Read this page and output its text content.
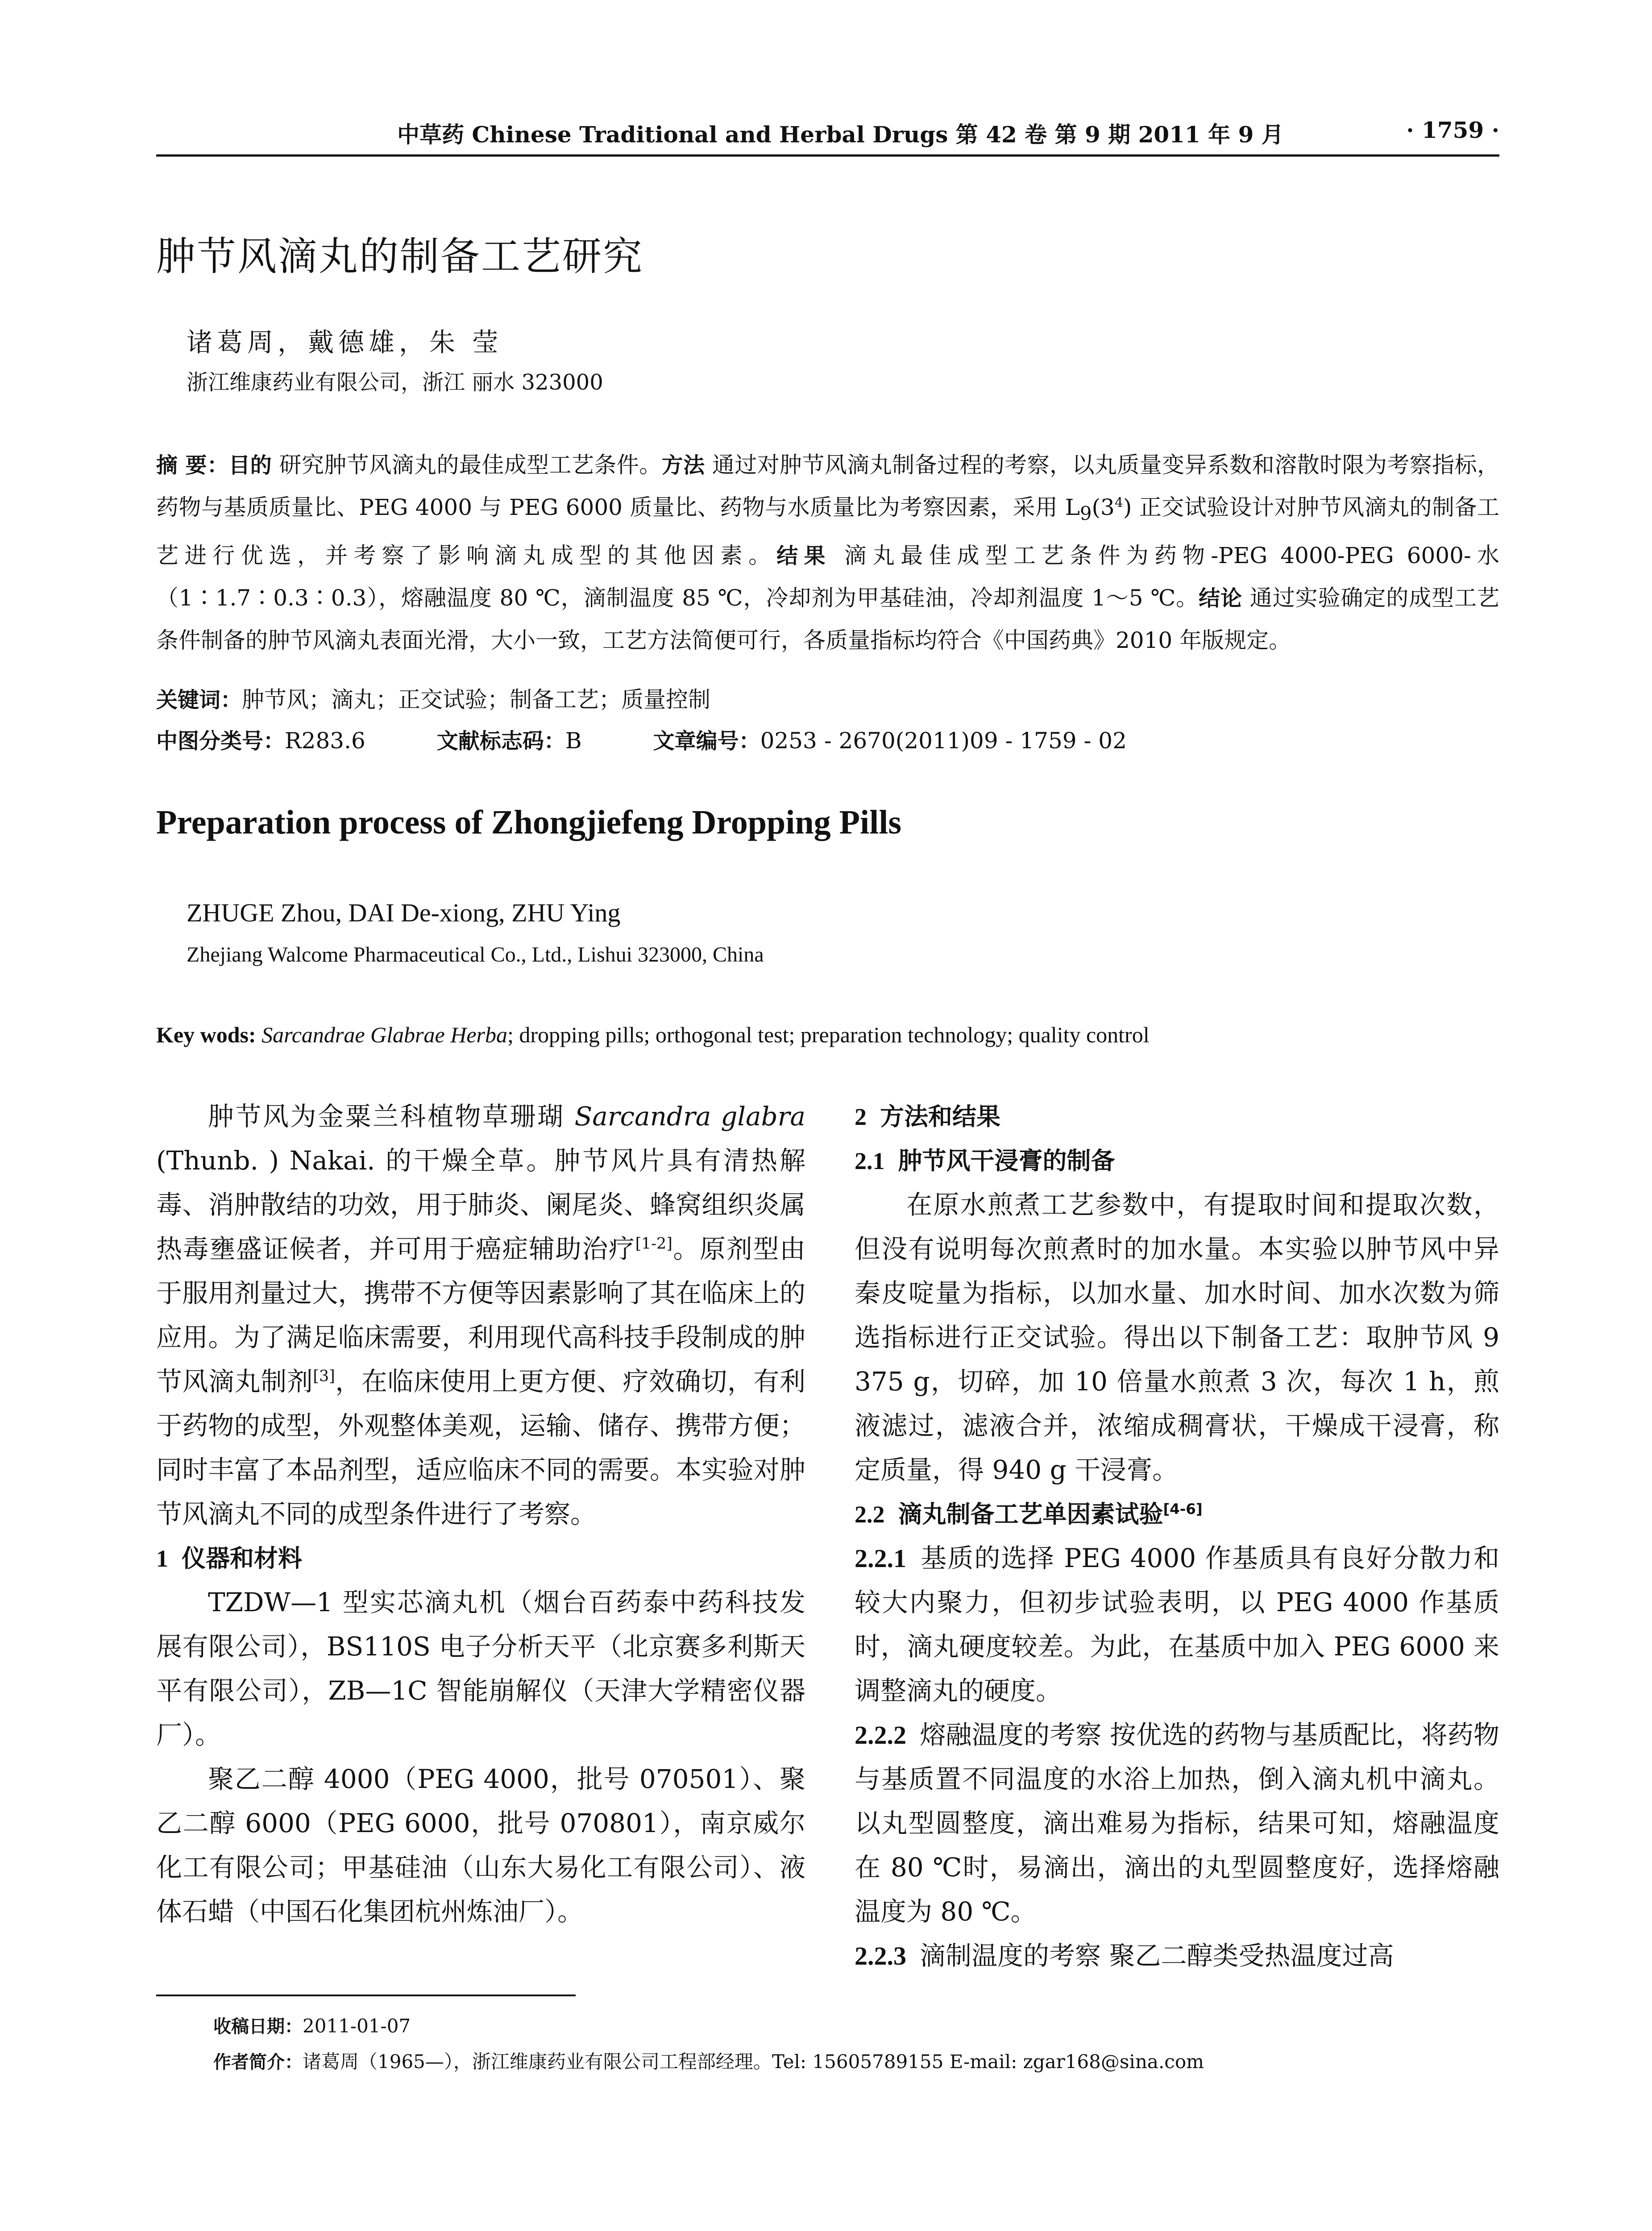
中草药 Chinese Traditional and Herbal Drugs 第 42 卷 第 9 期 2011 年 9 月	· 1759 ·
肿节风滴丸的制备工艺研究
诸葛周，戴德雄，朱 莹
浙江维康药业有限公司，浙江 丽水 323000
摘 要：目的 研究肿节风滴丸的最佳成型工艺条件。方法 通过对肿节风滴丸制备过程的考察，以丸质量变异系数和溶散时限为考察指标，药物与基质质量比、PEG 4000 与 PEG 6000 质量比、药物与水质量比为考察因素，采用 $L_9(3^4)$ 正交试验设计对肿节风滴丸的制备工艺进行优选，并考察了影响滴丸成型的其他因素。结果 滴丸最佳成型工艺条件为药物-PEG 4000-PEG 6000-水（1∶1.7∶0.3∶0.3），熔融温度 80 ℃，滴制温度 85 ℃，冷却剂为甲基硅油，冷却剂温度 1～5 ℃。结论 通过实验确定的成型工艺条件制备的肿节风滴丸表面光滑，大小一致，工艺方法简便可行，各质量指标均符合《中国药典》2010 年版规定。
关键词：肿节风；滴丸；正交试验；制备工艺；质量控制
中图分类号：R283.6	文献标志码：B	文章编号：0253 - 2670(2011)09 - 1759 - 02
Preparation process of Zhongjiefeng Dropping Pills
ZHUGE Zhou, DAI De-xiong, ZHU Ying
Zhejiang Walcome Pharmaceutical Co., Ltd., Lishui 323000, China
Key wods: Sarcandrae Glabrae Herba; dropping pills; orthogonal test; preparation technology; quality control

肿节风为金粟兰科植物草珊瑚 Sarcandra glabra (Thunb. ) Nakai. 的干燥全草。肿节风片具有清热解毒、消肿散结的功效，用于肺炎、阑尾炎、蜂窝组织炎属热毒壅盛证候者，并可用于癌症辅助治疗[1-2]。原剂型由于服用剂量过大，携带不方便等因素影响了其在临床上的应用。为了满足临床需要，利用现代高科技手段制成的肿节风滴丸制剂[3]，在临床使用上更方便、疗效确切，有利于药物的成型，外观整体美观，运输、储存、携带方便；同时丰富了本品剂型，适应临床不同的需要。本实验对肿节风滴丸不同的成型条件进行了考察。

1 仪器和材料

TZDW—1 型实芯滴丸机（烟台百药泰中药科技发展有限公司），BS110S 电子分析天平（北京赛多利斯天平有限公司），ZB—1C 智能崩解仪（天津大学精密仪器厂）。

聚乙二醇 4000（PEG 4000，批号 070501）、聚乙二醇 6000（PEG 6000，批号 070801），南京威尔化工有限公司；甲基硅油（山东大易化工有限公司）、液体石蜡（中国石化集团杭州炼油厂）。

2 方法和结果
2.1 肿节风干浸膏的制备

在原水煎煮工艺参数中，有提取时间和提取次数，但没有说明每次煎煮时的加水量。本实验以肿节风中异秦皮啶量为指标，以加水量、加水时间、加水次数为筛选指标进行正交试验。得出以下制备工艺：取肿节风 9 375 g，切碎，加 10 倍量水煎煮 3 次，每次 1 h，煎液滤过，滤液合并，浓缩成稠膏状，干燥成干浸膏，称定质量，得 940 g 干浸膏。

2.2 滴丸制备工艺单因素试验[4-6]

2.2.1 基质的选择 PEG 4000 作基质具有良好分散力和较大内聚力，但初步试验表明，以 PEG 4000 作基质时，滴丸硬度较差。为此，在基质中加入 PEG 6000 来调整滴丸的硬度。

2.2.2 熔融温度的考察 按优选的药物与基质配比，将药物与基质置不同温度的水浴上加热，倒入滴丸机中滴丸。以丸型圆整度，滴出难易为指标，结果可知，熔融温度在 80 ℃时，易滴出，滴出的丸型圆整度好，选择熔融温度为 80 ℃。

2.2.3 滴制温度的考察 聚乙二醇类受热温度过高

收稿日期：2011-01-07
作者简介：诸葛周（1965—），浙江维康药业有限公司工程部经理。Tel: 15605789155 E-mail: zgar168@sina.com
